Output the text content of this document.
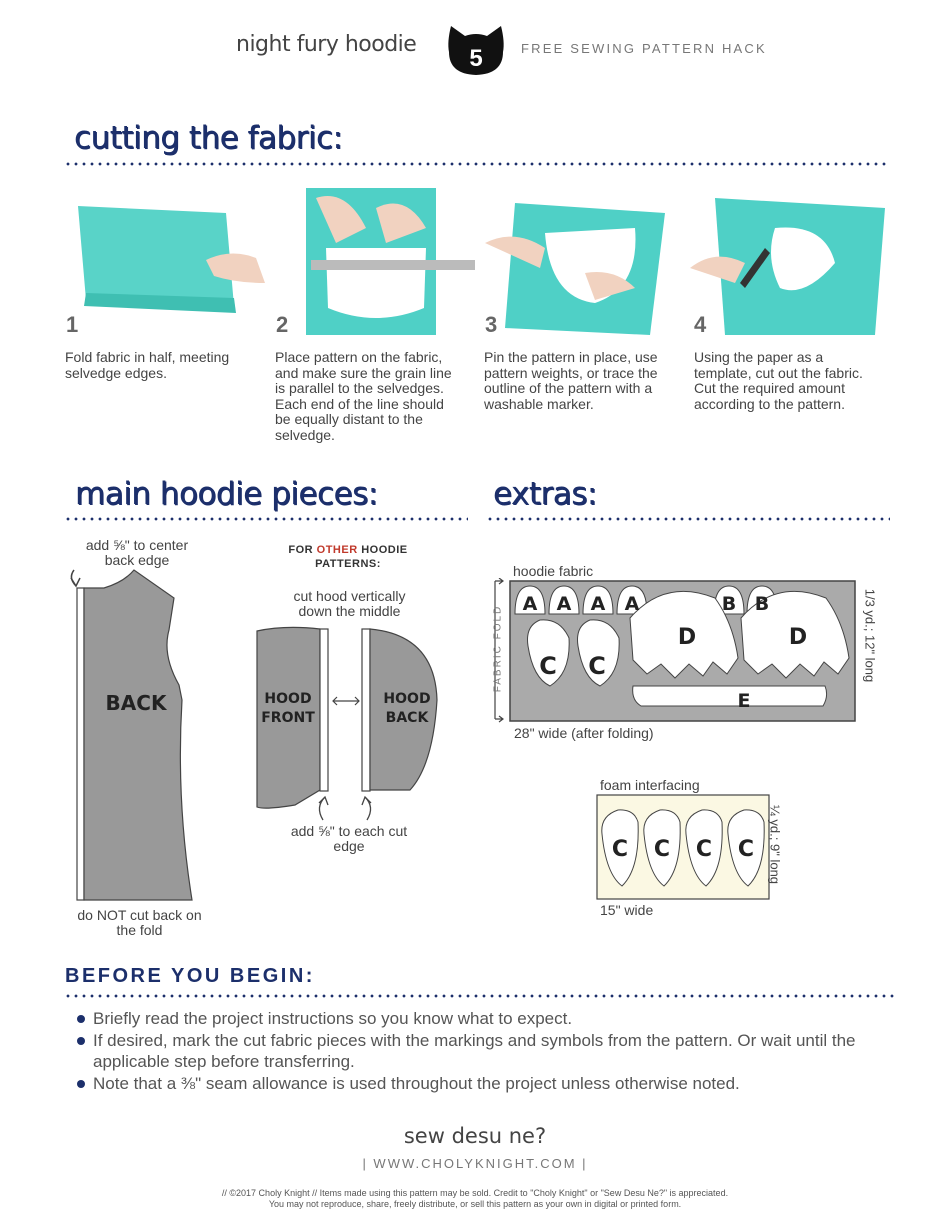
night fury hoodie
5	FREE SEWING PATTERN HACK
cutting the fabric:
1	2	3	4
Fold fabric in half, meeting selvedge edges.
Place pattern on the fabric, and make sure the grain line is parallel to the selvedges. Each end of the line should be equally distant to the selvedge.
Pin the pattern in place, use pattern weights, or trace the outline of the pattern with a washable marker.
Using the paper as a template, cut out the fabric. Cut the required amount according to the pattern.
main hoodie pieces:	extras:
add ⅝" to center back edge
BACK
do NOT cut back on the fold
FOR OTHER HOODIE PATTERNS:
cut hood vertically down the middle
HOOD FRONT
HOOD BACK
add ⅝" to each cut edge
hoodie fabric
A A A A	B B
C C
D	D
E
FABRIC FOLD	1/3 yd.; 12" long
28" wide (after folding)
foam interfacing
C C C C ¼ yd.; 9" long
15" wide
BEFORE YOU BEGIN:
Briefly read the project instructions so you know what to expect.
If desired, mark the cut fabric pieces with the markings and symbols from the pattern. Or wait until the applicable step before transferring.
Note that a ⅜" seam allowance is used throughout the project unless otherwise noted.
sew desu ne?
| WWW.CHOLYKNIGHT.COM |
// ©2017 Choly Knight // Items made using this pattern may be sold. Credit to "Choly Knight" or "Sew Desu Ne?" is appreciated.
You may not reproduce, share, freely distribute, or sell this pattern as your own in digital or printed form.
